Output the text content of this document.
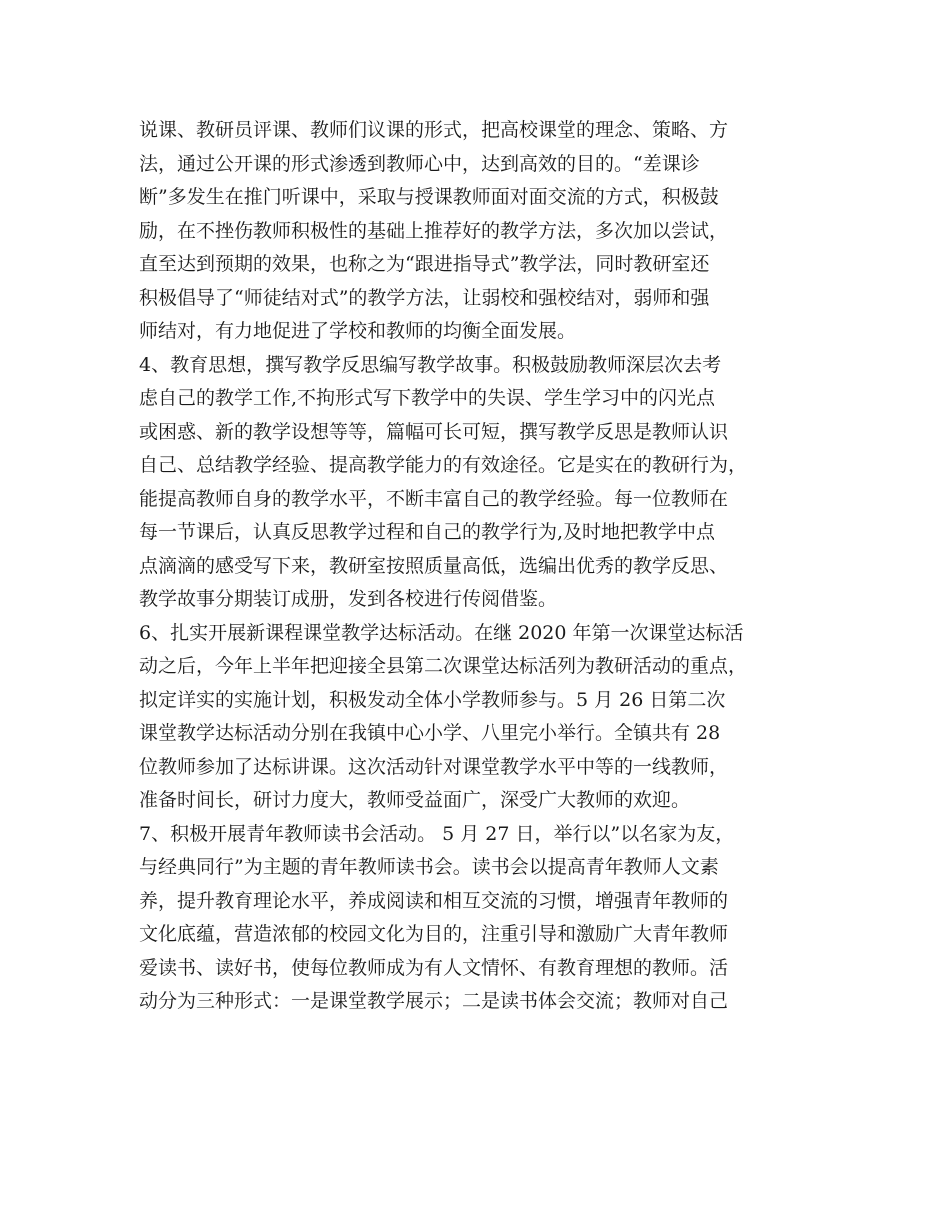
说课、教研员评课、教师们议课的形式，把高校课堂的理念、策略、方
法，通过公开课的形式渗透到教师心中，达到高效的目的。“差课诊
断”多发生在推门听课中，采取与授课教师面对面交流的方式，积极鼓
励，在不挫伤教师积极性的基础上推荐好的教学方法，多次加以尝试，
直至达到预期的效果，也称之为“跟进指导式”教学法，同时教研室还
积极倡导了“师徒结对式”的教学方法，让弱校和强校结对，弱师和强
师结对，有力地促进了学校和教师的均衡全面发展。
4、教育思想，撰写教学反思编写教学故事。积极鼓励教师深层次去考
虑自己的教学工作,不拘形式写下教学中的失误、学生学习中的闪光点
或困惑、新的教学设想等等，篇幅可长可短，撰写教学反思是教师认识
自己、总结教学经验、提高教学能力的有效途径。它是实在的教研行为，
能提高教师自身的教学水平，不断丰富自己的教学经验。每一位教师在
每一节课后，认真反思教学过程和自己的教学行为,及时地把教学中点
点滴滴的感受写下来，教研室按照质量高低，选编出优秀的教学反思、
教学故事分期装订成册，发到各校进行传阅借鉴。
6、扎实开展新课程课堂教学达标活动。在继 2020 年第一次课堂达标活
动之后，今年上半年把迎接全县第二次课堂达标活列为教研活动的重点，
拟定详实的实施计划，积极发动全体小学教师参与。5 月 26 日第二次
课堂教学达标活动分别在我镇中心小学、八里完小举行。全镇共有 28
位教师参加了达标讲课。这次活动针对课堂教学水平中等的一线教师，
准备时间长，研讨力度大，教师受益面广，深受广大教师的欢迎。
7、积极开展青年教师读书会活动。 5 月 27 日，举行以”以名家为友，
与经典同行”为主题的青年教师读书会。读书会以提高青年教师人文素
养，提升教育理论水平，养成阅读和相互交流的习惯，增强青年教师的
文化底蕴，营造浓郁的校园文化为目的，注重引导和激励广大青年教师
爱读书、读好书，使每位教师成为有人文情怀、有教育理想的教师。活
动分为三种形式：一是课堂教学展示；二是读书体会交流；教师对自己
